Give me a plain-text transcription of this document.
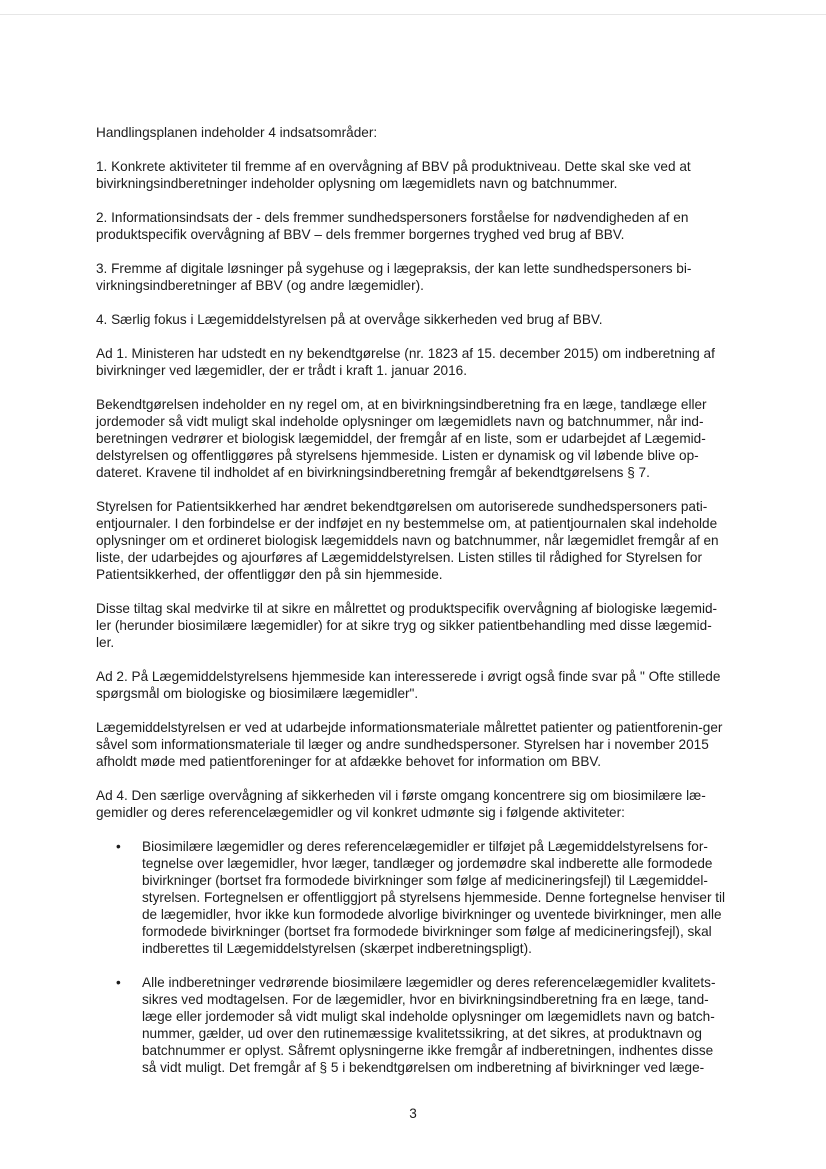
Handlingsplanen indeholder 4 indsatsområder:

1. Konkrete aktiviteter til fremme af en overvågning af BBV på produktniveau. Dette skal ske ved at bivirkningsindberetninger indeholder oplysning om lægemidlets navn og batchnummer.

2. Informationsindsats der - dels fremmer sundhedspersoners forståelse for nødvendigheden af en produktspecifik overvågning af BBV – dels fremmer borgernes tryghed ved brug af BBV.

3. Fremme af digitale løsninger på sygehuse og i lægepraksis, der kan lette sundhedspersoners bi-virkningsindberetninger af BBV (og andre lægemidler).

4. Særlig fokus i Lægemiddelstyrelsen på at overvåge sikkerheden ved brug af BBV.

Ad 1. Ministeren har udstedt en ny bekendtgørelse (nr. 1823 af 15. december 2015) om indberetning af bivirkninger ved lægemidler, der er trådt i kraft 1. januar 2016.

Bekendtgørelsen indeholder en ny regel om, at en bivirkningsindberetning fra en læge, tandlæge eller jordemoder så vidt muligt skal indeholde oplysninger om lægemidlets navn og batchnummer, når ind-beretningen vedrører et biologisk lægemiddel, der fremgår af en liste, som er udarbejdet af Lægemid-delstyrelsen og offentliggøres på styrelsens hjemmeside. Listen er dynamisk og vil løbende blive op-dateret. Kravene til indholdet af en bivirkningsindberetning fremgår af bekendtgørelsens § 7.

Styrelsen for Patientsikkerhed har ændret bekendtgørelsen om autoriserede sundhedspersoners pati-entjournaler. I den forbindelse er der indføjet en ny bestemmelse om, at patientjournalen skal indeholde oplysninger om et ordineret biologisk lægemiddels navn og batchnummer, når lægemidlet fremgår af en liste, der udarbejdes og ajourføres af Lægemiddelstyrelsen. Listen stilles til rådighed for Styrelsen for Patientsikkerhed, der offentliggør den på sin hjemmeside.

Disse tiltag skal medvirke til at sikre en målrettet og produktspecifik overvågning af biologiske lægemid-ler (herunder biosimilære lægemidler) for at sikre tryg og sikker patientbehandling med disse lægemid-ler.

Ad 2. På Lægemiddelstyrelsens hjemmeside kan interesserede i øvrigt også finde svar på " Ofte stillede spørgsmål om biologiske og biosimilære lægemidler".

Lægemiddelstyrelsen er ved at udarbejde informationsmateriale målrettet patienter og patientforenin-ger såvel som informationsmateriale til læger og andre sundhedspersoner. Styrelsen har i november 2015 afholdt møde med patientforeninger for at afdække behovet for information om BBV.

Ad 4. Den særlige overvågning af sikkerheden vil i første omgang koncentrere sig om biosimilære læ-gemidler og deres referencelægemidler og vil konkret udmønte sig i følgende aktiviteter:

• Biosimilære lægemidler og deres referencelægemidler er tilføjet på Lægemiddelstyrelsens for-tegnelse over lægemidler, hvor læger, tandlæger og jordemødre skal indberette alle formodede bivirkninger (bortset fra formodede bivirkninger som følge af medicineringsfejl) til Lægemiddel-styrelsen. Fortegnelsen er offentliggjort på styrelsens hjemmeside. Denne fortegnelse henviser til de lægemidler, hvor ikke kun formodede alvorlige bivirkninger og uventede bivirkninger, men alle formodede bivirkninger (bortset fra formodede bivirkninger som følge af medicineringsfejl), skal indberettes til Lægemiddelstyrelsen (skærpet indberetningspligt).

• Alle indberetninger vedrørende biosimilære lægemidler og deres referencelægemidler kvalitets-sikres ved modtagelsen. For de lægemidler, hvor en bivirkningsindberetning fra en læge, tand-læge eller jordemoder så vidt muligt skal indeholde oplysninger om lægemidlets navn og batch-nummer, gælder, ud over den rutinemæssige kvalitetssikring, at det sikres, at produktnavn og batchnummer er oplyst. Såfremt oplysningerne ikke fremgår af indberetningen, indhentes disse så vidt muligt. Det fremgår af § 5 i bekendtgørelsen om indberetning af bivirkninger ved læge-

3
